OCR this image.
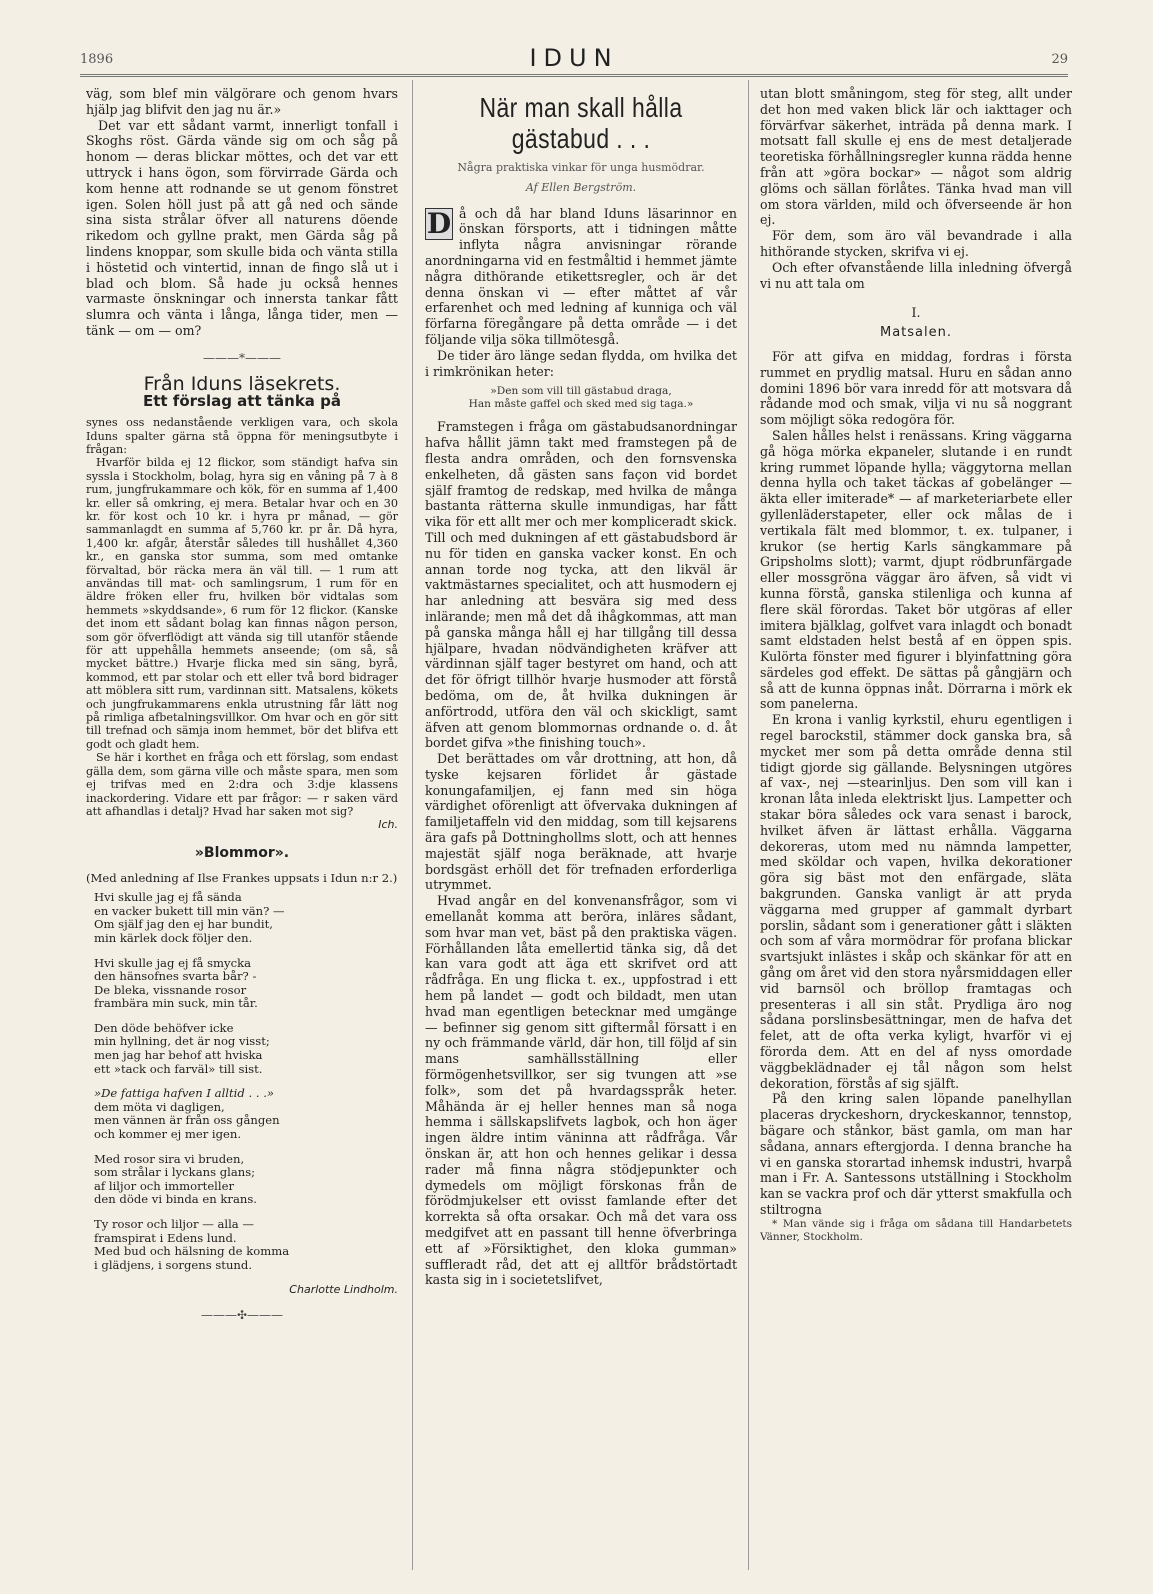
1896	IDUN	29

väg, som blef min välgörare och genom hvars hjälp jag blifvit den jag nu är.»

Det var ett sådant varmt, innerligt tonfall i Skoghs röst. Gärda vände sig om och såg på honom — deras blickar möttes, och det var ett uttryck i hans ögon, som förvirrade Gärda och kom henne att rodnande se ut genom fönstret igen. Solen höll just på att gå ned och sände sina sista strålar öfver all naturens döende rikedom och gyllne prakt, men Gärda såg på lindens knoppar, som skulle bida och vänta stilla i höstetid och vintertid, innan de fingo slå ut i blad och blom. Så hade ju också hennes varmaste önskningar och innersta tankar fått slumra och vänta i långa, långa tider, men — tänk — om — om?

———*———
Från Iduns läsekrets.
Ett förslag att tänka på

synes oss nedanstående verkligen vara, och skola Iduns spalter gärna stå öppna för meningsutbyte i frågan:

Hvarför bilda ej 12 flickor, som ständigt hafva sin syssla i Stockholm, bolag, hyra sig en våning på 7 à 8 rum, jungfrukammare och kök, för en summa af 1,400 kr. eller så omkring, ej mera. Betalar hvar och en 30 kr. för kost och 10 kr. i hyra pr månad, — gör sammanlagdt en summa af 5,760 kr. pr år. Då hyra, 1,400 kr. afgår, återstår således till hushållet 4,360 kr., en ganska stor summa, som med omtanke förvaltad, bör räcka mera än väl till. — 1 rum att användas till mat- och samlingsrum, 1 rum för en äldre fröken eller fru, hvilken bör vidtalas som hemmets »skyddsande», 6 rum för 12 flickor. (Kanske det inom ett sådant bolag kan finnas någon person, som gör öfverflödigt att vända sig till utanför stående för att uppehålla hemmets anseende; (om så, så mycket bättre.) Hvarje flicka med sin säng, byrå, kommod, ett par stolar och ett eller två bord bidrager att möblera sitt rum, vardinnan sitt. Matsalens, kökets och jungfrukammarens enkla utrustning får lätt nog på rimliga afbetalningsvillkor. Om hvar och en gör sitt till trefnad och sämja inom hemmet, bör det blifva ett godt och gladt hem.

Se här i korthet en fråga och ett förslag, som endast gälla dem, som gärna ville och måste spara, men som ej trifvas med en 2:dra och 3:dje klassens inackordering. Vidare ett par frågor: — r saken värd att afhandlas i detalj? Hvad har saken mot sig?

Ich.
»Blommor».

(Med anledning af Ilse Frankes uppsats i Idun n:r 2.)

Hvi skulle jag ej få sända
en vacker bukett till min vän? —
Om själf jag den ej har bundit,
min kärlek dock följer den.
Hvi skulle jag ej få smycka
den hänsofnes svarta bår? -
De bleka, vissnande rosor
frambära min suck, min tår.
Den döde behöfver icke
min hyllning, det är nog visst;
men jag har behof att hviska
ett »tack och farväl» till sist.
»De fattiga hafven I alltid . . .»
dem möta vi dagligen,
men vännen är från oss gången
och kommer ej mer igen.
Med rosor sira vi bruden,
som strålar i lyckans glans;
af liljor och immorteller
den döde vi binda en krans.
Ty rosor och liljor — alla —
framspirat i Edens lund.
Med bud och hälsning de komma
i glädjens, i sorgens stund.
Charlotte Lindholm.
———✣———
När man skall hålla
gästabud . . .
Några praktiska vinkar för unga husmödrar.
Af Ellen Bergström.

D å och då har bland Iduns läsarinnor en önskan försports, att i tidningen måtte inflyta några anvisningar rörande anordningarna vid en festmåltid i hemmet jämte några dithörande etikettsregler, och är det denna önskan vi — efter måttet af vår erfarenhet och med ledning af kunniga och väl förfarna föregångare på detta område — i det följande vilja söka tillmötesgå.

De tider äro länge sedan flydda, om hvilka det i rimkrönikan heter:

»Den som vill till gästabud draga,
Han måste gaffel och sked med sig taga.»

Framstegen i fråga om gästabudsanordningar hafva hållit jämn takt med framstegen på de flesta andra områden, och den fornsvenska enkelheten, då gästen sans façon vid bordet själf framtog de redskap, med hvilka de många bastanta rätterna skulle inmundigas, har fått vika för ett allt mer och mer kompliceradt skick. Till och med dukningen af ett gästabudsbord är nu för tiden en ganska vacker konst. En och annan torde nog tycka, att den likväl är vaktmästarnes specialitet, och att husmodern ej har anledning att besvära sig med dess inlärande; men må det då ihågkommas, att man på ganska många håll ej har tillgång till dessa hjälpare, hvadan nödvändigheten kräfver att värdinnan själf tager bestyret om hand, och att det för öfrigt tillhör hvarje husmoder att förstå bedöma, om de, åt hvilka dukningen är anförtrodd, utföra den väl och skickligt, samt äfven att genom blommornas ordnande o. d. åt bordet gifva »the finishing touch».

Det berättades om vår drottning, att hon, då tyske kejsaren förlidet år gästade konungafamiljen, ej fann med sin höga värdighet oförenligt att öfvervaka dukningen af familjetaffeln vid den middag, som till kejsarens ära gafs på Dottninghollms slott, och att hennes majestät själf noga beräknade, att hvarje bordsgäst erhöll det för trefnaden erforderliga utrymmet.

Hvad angår en del konvenansfrågor, som vi emellanåt komma att beröra, inläres sådant, som hvar man vet, bäst på den praktiska vägen. Förhållanden låta emellertid tänka sig, då det kan vara godt att äga ett skrifvet ord att rådfråga. En ung flicka t. ex., uppfostrad i ett hem på landet — godt och bildadt, men utan hvad man egentligen betecknar med umgänge — befinner sig genom sitt giftermål försatt i en ny och främmande värld, där hon, till följd af sin mans samhällsställning eller förmögenhetsvillkor, ser sig tvungen att »se folk», som det på hvardagsspråk heter. Måhända är ej heller hennes man så noga hemma i sällskapslifvets lagbok, och hon äger ingen äldre intim väninna att rådfråga. Vår önskan är, att hon och hennes gelikar i dessa rader må finna några stödjepunkter och dymedels om möjligt förskonas från de förödmjukelser ett ovisst famlande efter det korrekta så ofta orsakar. Och må det vara oss medgifvet att en passant till henne öfverbringa ett af »Försiktighet, den kloka gumman» suffleradt råd, det att ej alltför brådstörtadt kasta sig in i societetslifvet,

utan blott småningom, steg för steg, allt under det hon med vaken blick lär och iakttager och förvärfvar säkerhet, inträda på denna mark. I motsatt fall skulle ej ens de mest detaljerade teoretiska förhållningsregler kunna rädda henne från att »göra bockar» — något som aldrig glöms och sällan förlåtes. Tänka hvad man vill om stora världen, mild och öfverseende är hon ej.

För dem, som äro väl bevandrade i alla hithörande stycken, skrifva vi ej.

Och efter ofvanstående lilla inledning öfvergå vi nu att tala om

I.
Matsalen.

För att gifva en middag, fordras i första rummet en prydlig matsal. Huru en sådan anno domini 1896 bör vara inredd för att motsvara då rådande mod och smak, vilja vi nu så noggrant som möjligt söka redogöra för.

Salen hålles helst i renässans. Kring väggarna gå höga mörka ekpaneler, slutande i en rundt kring rummet löpande hylla; väggytorna mellan denna hylla och taket täckas af gobelänger — äkta eller imiterade* — af marketeriarbete eller gyllenläderstapeter, eller ock målas de i vertikala fält med blommor, t. ex. tulpaner, i krukor (se hertig Karls sängkammare på Gripsholms slott); varmt, djupt rödbrunfärgade eller mossgröna väggar äro äfven, så vidt vi kunna förstå, ganska stilenliga och kunna af flere skäl förordas. Taket bör utgöras af eller imitera bjälklag, golfvet vara inlagdt och bonadt samt eldstaden helst bestå af en öppen spis. Kulörta fönster med figurer i blyinfattning göra särdeles god effekt. De sättas på gångjärn och så att de kunna öppnas inåt. Dörrarna i mörk ek som panelerna.

En krona i vanlig kyrkstil, ehuru egentligen i regel barockstil, stämmer dock ganska bra, så mycket mer som på detta område denna stil tidigt gjorde sig gällande. Belysningen utgöres af vax-, nej —stearinljus. Den som vill kan i kronan låta inleda elektriskt ljus. Lampetter och stakar böra således ock vara senast i barock, hvilket äfven är lättast erhålla. Väggarna dekoreras, utom med nu nämnda lampetter, med sköldar och vapen, hvilka dekorationer göra sig bäst mot den enfärgade, släta bakgrunden. Ganska vanligt är att pryda väggarna med grupper af gammalt dyrbart porslin, sådant som i generationer gått i släkten och som af våra mormödrar för profana blickar svartsjukt inlästes i skåp och skänkar för att en gång om året vid den stora nyårsmiddagen eller vid barnsöl och bröllop framtagas och presenteras i all sin ståt. Prydliga äro nog sådana porslinsbesättningar, men de hafva det felet, att de ofta verka kyligt, hvarför vi ej förorda dem. Att en del af nyss omordade väggbeklädnader ej tål någon som helst dekoration, förstås af sig själft.

På den kring salen löpande panelhyllan placeras dryckeshorn, dryckeskannor, tennstop, bägare och stånkor, bäst gamla, om man har sådana, annars eftergjorda. I denna branche ha vi en ganska storartad inhemsk industri, hvarpå man i Fr. A. Santessons utställning i Stockholm kan se vackra prof och där ytterst smakfulla och stiltrogna

* Man vände sig i fråga om sådana till Handarbetets Vänner, Stockholm.
